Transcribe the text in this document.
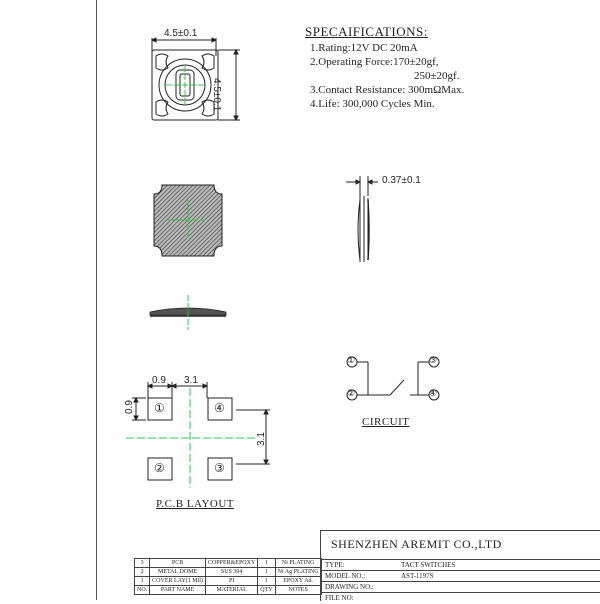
SPECAIFICATIONS:
1.Rating:12V DC 20mA
2.Operating Force:170±20gf,
250±20gf.
3.Contact Resistance: 300mΩMax.
4.Life: 300,000 Cycles Min.
4.5±0.1
4.5±0.1
0.37±0.1
0.9 3.1
0.9
3.1
①	④
②	③
①
②
③
④
CIRCUIT
P.C.B LAYOUT
3	PCB	COPPER&EPOXY	1	Ni PLATING
2	METAL DOME	SUS 304	1	Ni Ag PLATING
1	COVER LAY(1 Mil)	PI	1	EPOXY Ad.
NO.	PART NAME	MATERIAL	QTY	NOTES
SHENZHEN AREMIT CO.,LTD
TYPE:	TACT SWITCHES
MODEL NO.:	AST-1197S
DRAWING NO.:
FILE NO:
